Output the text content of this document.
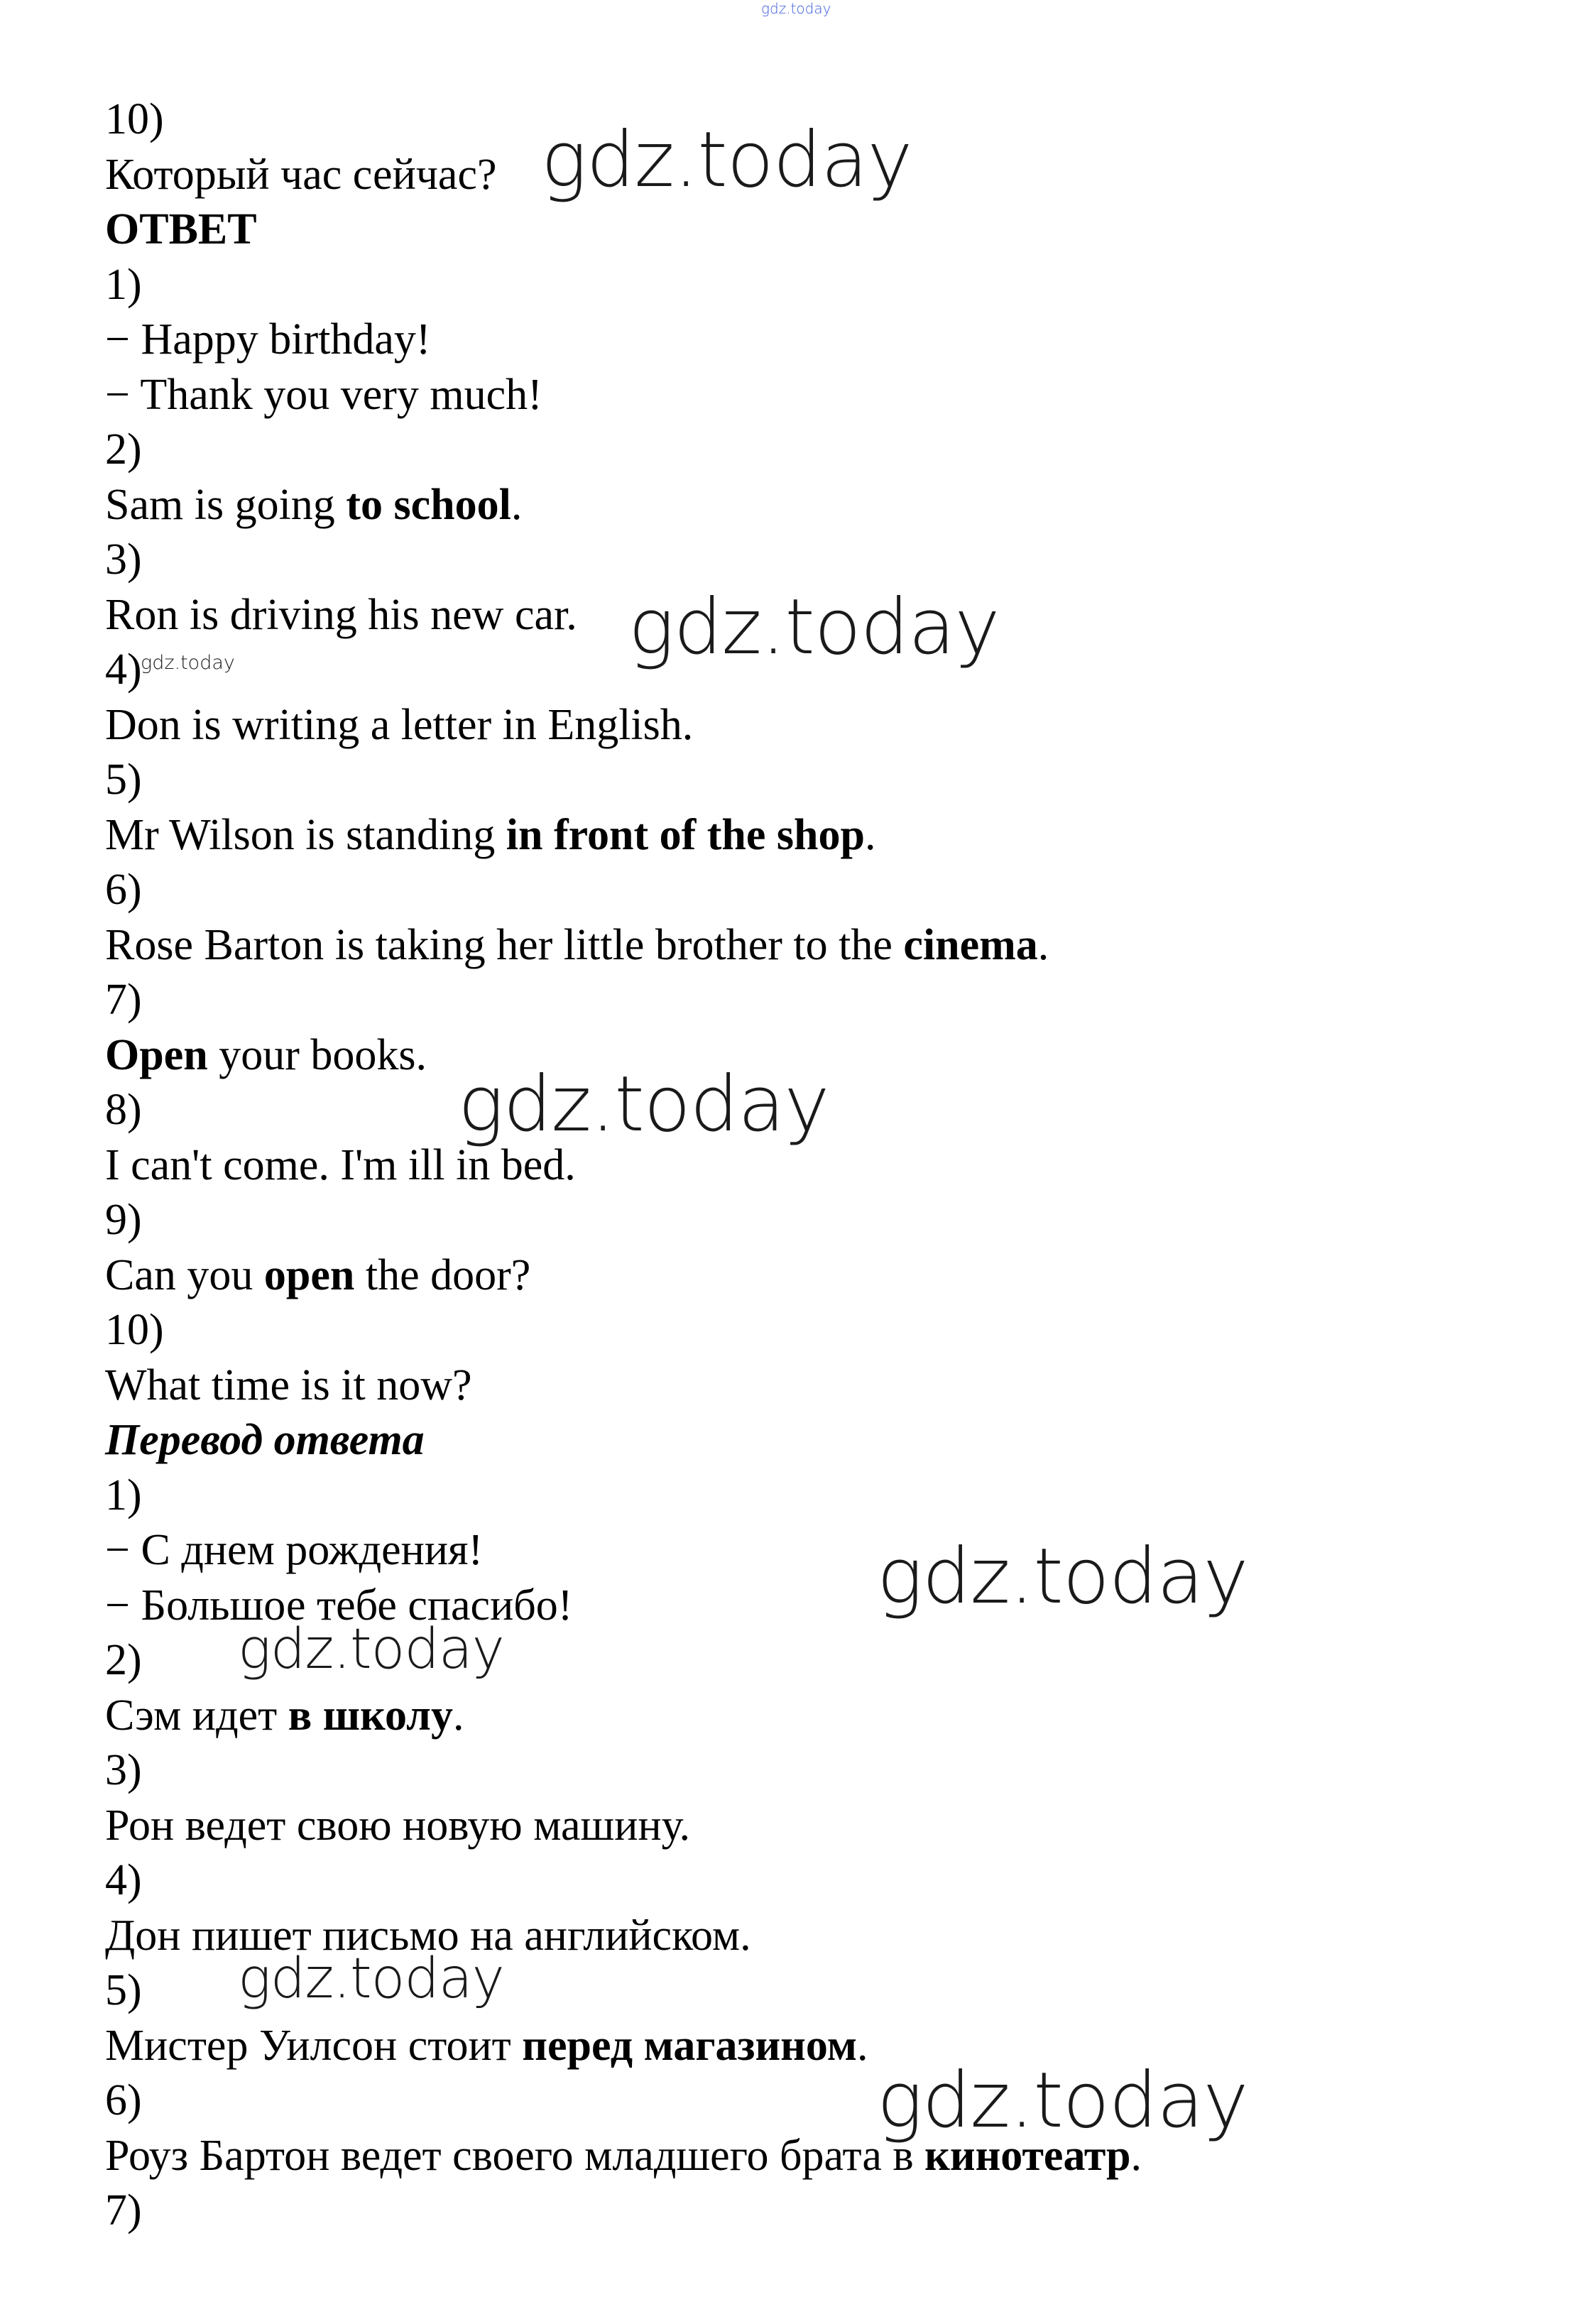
10)
Который час сейчас?
ОТВЕТ
1)
− Happy birthday!
− Thank you very much!
2)
Sam is going to school.
3)
Ron is driving his new car.
4)
Don is writing a letter in English.
5)
Mr Wilson is standing in front of the shop.
6)
Rose Barton is taking her little brother to the cinema.
7)
Open your books.
8)
I can't come. I'm ill in bed.
9)
Can you open the door?
10)
What time is it now?
Перевод ответа
1)
− С днем рождения!
− Большое тебе спасибо!
2)
Сэм идет в школу.
3)
Рон ведет свою новую машину.
4)
Дон пишет письмо на английском.
5)
Мистер Уилсон стоит перед магазином.
6)
Роуз Бартон ведет своего младшего брата в кинотеатр.
7)
gdz.today
gdz.today
gdz.today
gdz.today
gdz.today
gdz.today
gdz.today
gdz.today
gdz.today
